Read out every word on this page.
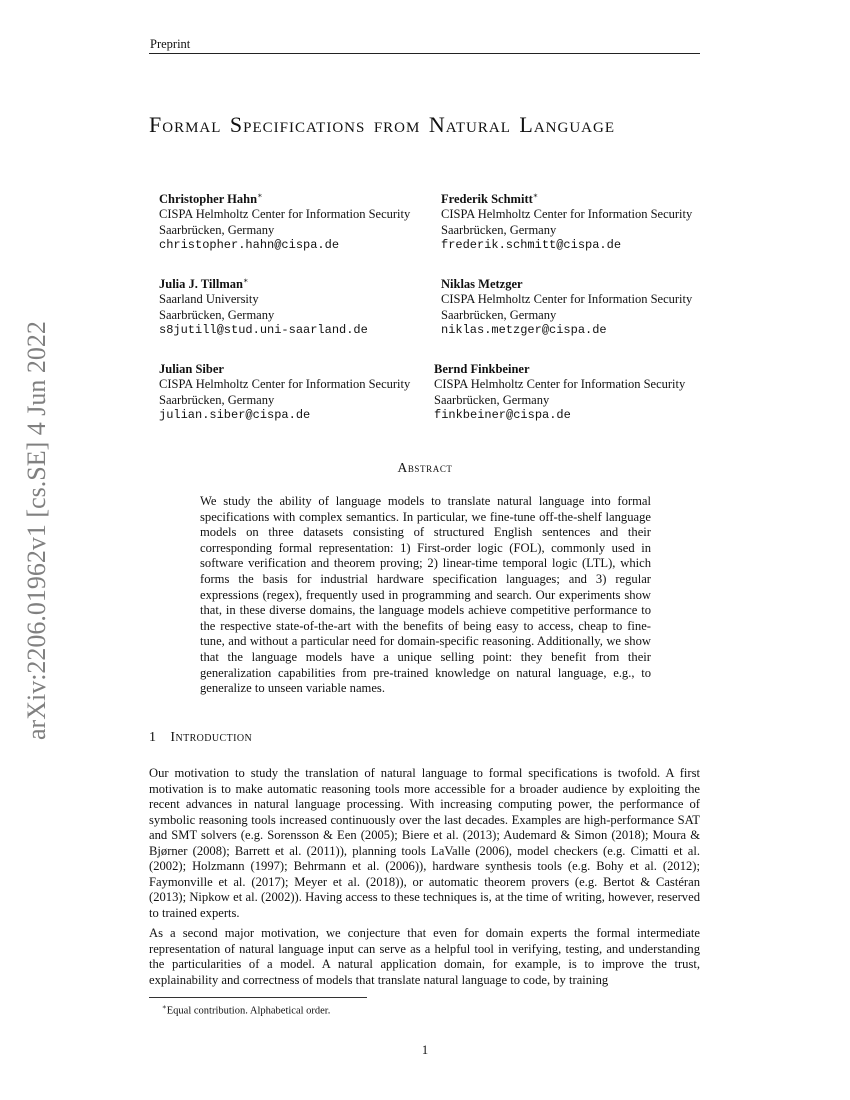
Preprint
Formal Specifications from Natural Language
Christopher Hahn∗
CISPA Helmholtz Center for Information Security
Saarbrücken, Germany
christopher.hahn@cispa.de
Frederik Schmitt∗
CISPA Helmholtz Center for Information Security
Saarbrücken, Germany
frederik.schmitt@cispa.de
Julia J. Tillman∗
Saarland University
Saarbrücken, Germany
s8jutill@stud.uni-saarland.de
Niklas Metzger
CISPA Helmholtz Center for Information Security
Saarbrücken, Germany
niklas.metzger@cispa.de
Julian Siber
CISPA Helmholtz Center for Information Security
Saarbrücken, Germany
julian.siber@cispa.de
Bernd Finkbeiner
CISPA Helmholtz Center for Information Security
Saarbrücken, Germany
finkbeiner@cispa.de
arXiv:2206.01962v1 [cs.SE] 4 Jun 2022	Abstract
We study the ability of language models to translate natural language into formal specifications with complex semantics. In particular, we fine-tune off-the-shelf language models on three datasets consisting of structured English sentences and their corresponding formal representation: 1) First-order logic (FOL), commonly used in software verification and theorem proving; 2) linear-time temporal logic (LTL), which forms the basis for industrial hardware specification languages; and 3) regular expressions (regex), frequently used in programming and search. Our experiments show that, in these diverse domains, the language models achieve competitive performance to the respective state-of-the-art with the benefits of being easy to access, cheap to fine-tune, and without a particular need for domain-specific reasoning. Additionally, we show that the language models have a unique selling point: they benefit from their generalization capabilities from pre-trained knowledge on natural language, e.g., to generalize to unseen variable names.
1 Introduction
Our motivation to study the translation of natural language to formal specifications is twofold. A first motivation is to make automatic reasoning tools more accessible for a broader audience by exploiting the recent advances in natural language processing. With increasing computing power, the performance of symbolic reasoning tools increased continuously over the last decades. Examples are high-performance SAT and SMT solvers (e.g. Sorensson & Een (2005); Biere et al. (2013); Audemard & Simon (2018); Moura & Bjørner (2008); Barrett et al. (2011)), planning tools LaValle (2006), model checkers (e.g. Cimatti et al. (2002); Holzmann (1997); Behrmann et al. (2006)), hardware synthesis tools (e.g. Bohy et al. (2012); Faymonville et al. (2017); Meyer et al. (2018)), or automatic theorem provers (e.g. Bertot & Castéran (2013); Nipkow et al. (2002)). Having access to these techniques is, at the time of writing, however, reserved to trained experts.
As a second major motivation, we conjecture that even for domain experts the formal intermediate representation of natural language input can serve as a helpful tool in verifying, testing, and understanding the particularities of a model. A natural application domain, for example, is to improve the trust, explainability and correctness of models that translate natural language to code, by training
∗Equal contribution. Alphabetical order.
1
